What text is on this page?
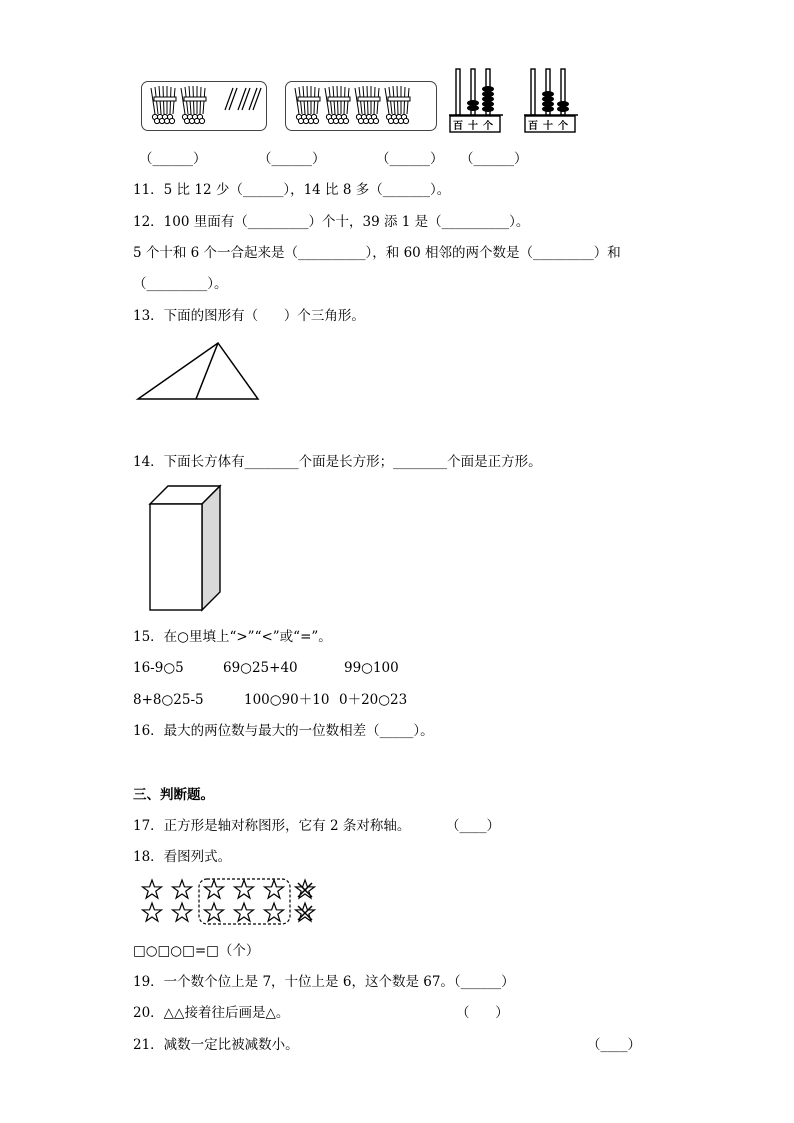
百 十 个	百 十 个
（______）	（______）	（______） （______）
11．5 比 12 少（______），14 比 8 多（_______）。
12．100 里面有（_________）个十，39 添 1 是（__________）。
5 个十和 6 个一合起来是（__________），和 60 相邻的两个数是（_________）和
（_________）。
13．下面的图形有（      ）个三角形。
14．下面长方体有________个面是长方形；________个面是正方形。
15．在○里填上“>”“<”或“=”。
16-9○5	69○25+40	99○100
8+8○25-5	100○90＋10 0＋20○23
16．最大的两位数与最大的一位数相差（_____）。
三、判断题。
17．正方形是轴对称图形，它有 2 条对称轴。	（____）
18．看图列式。
□○□○□=□（个）
19．一个数个位上是 7，十位上是 6，这个数是 67。（______）
20．△△接着往后画是△。	（      ）
21．减数一定比被减数小。	（____）
